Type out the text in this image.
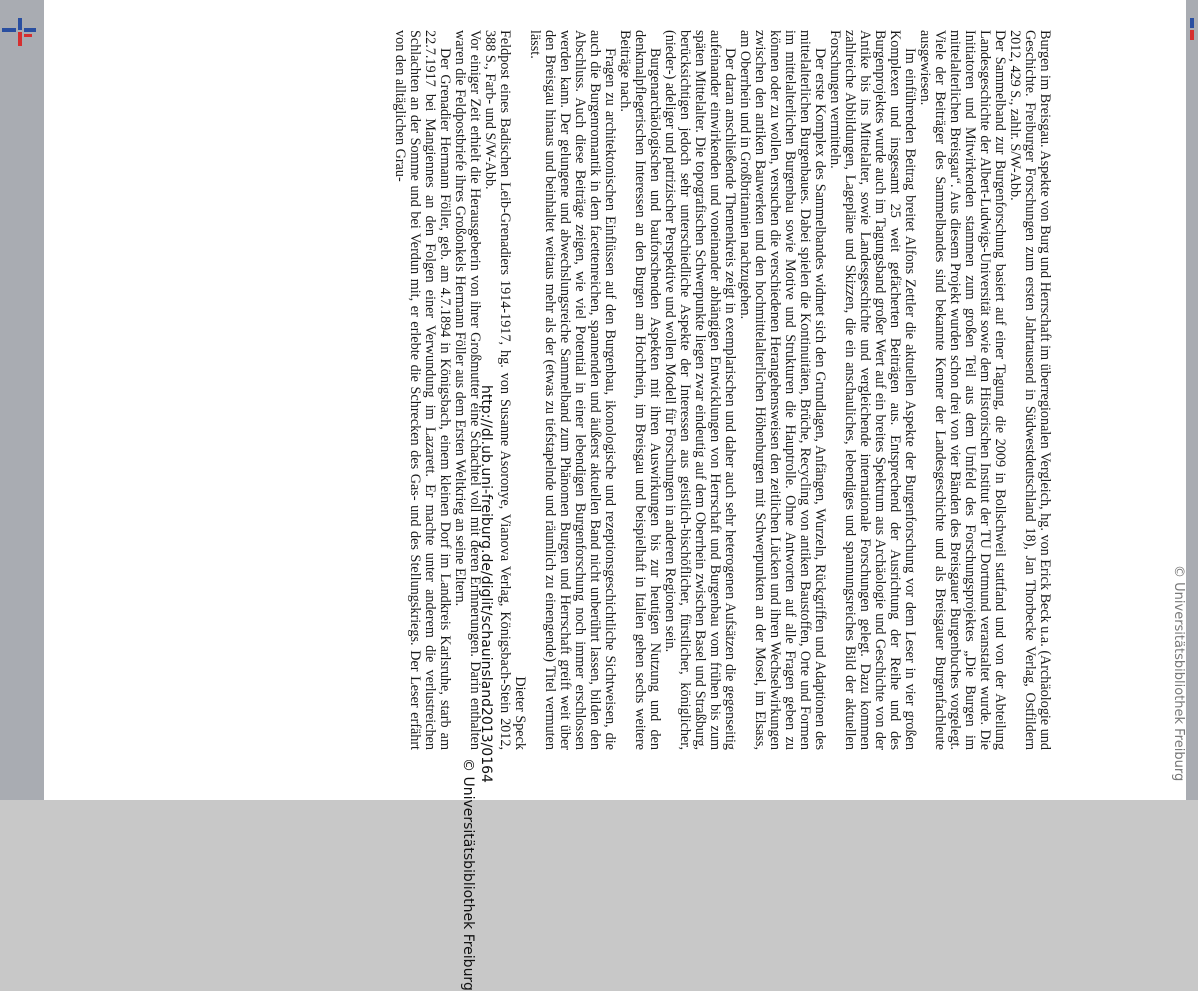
Burgen im Breisgau. Aspekte von Burg und Herrschaft im überregionalen Vergleich, hg. von Erick Beck u.a. (Archäologie und Geschichte. Freiburger Forschungen zum ersten Jahrtausend in Südwestdeutschland 18), Jan Thorbecke Verlag, Ostfildern 2012, 429 S., zahlr. S/W-Abb.

Der Sammelband zur Burgenforschung basiert auf einer Tagung, die 2009 in Bollschweil stattfand und von der Abteilung Landesgeschichte der Albert-Ludwigs-Universität sowie dem Historischen Institut der TU Dortmund veranstaltet wurde. Die Initiatoren und Mitwirkenden stammen zum großen Teil aus dem Umfeld des Forschungsprojektes „Die Burgen im mittelalterlichen Breisgau“. Aus diesem Projekt wurden schon drei von vier Bänden des Breisgauer Burgenbuches vorgelegt. Viele der Beiträger des Sammelbandes sind bekannte Kenner der Landesgeschichte und als Breisgauer Burgenfachleute ausgewiesen.

Im einführenden Beitrag breitet Alfons Zettler die aktuellen Aspekte der Burgenforschung vor dem Leser in vier großen Komplexen und insgesamt 25 weit gefächerten Beiträgen aus. Entsprechend der Ausrichtung der Reihe und des Burgenprojektes wurde auch im Tagungsband großer Wert auf ein breites Spektrum aus Archäologie und Geschichte von der Antike bis ins Mittelalter, sowie Landesgeschichte und vergleichende internationale Forschungen gelegt. Dazu kommen zahlreiche Abbildungen, Lagepläne und Skizzen, die ein anschauliches, lebendiges und spannungsreiches Bild der aktuellen Forschungen vermitteln.

Der erste Komplex des Sammelbandes widmet sich den Grundlagen, Anfängen, Wurzeln, Rückgriffen und Adaptionen des mittelalterlichen Burgenbaues. Dabei spielen die Kontinuitäten, Brüche, Recycling von antiken Baustoffen, Orte und Formen im mittelalterlichen Burgenbau sowie Motive und Strukturen die Hauptrolle. Ohne Antworten auf alle Fragen geben zu können oder zu wollen, versuchen die verschiedenen Herangehensweisen den zeitlichen Lücken und ihren Wechselwirkungen zwischen den antiken Bauwerken und den hochmittelalterlichen Höhenburgen mit Schwerpunkten an der Mosel, im Elsass, am Oberrhein und in Großbritannien nachzugehen.

Der daran anschließende Themenkreis zeigt in exemplarischen und daher auch sehr heterogenen Aufsätzen die gegenseitig aufeinander einwirkenden und voneinander abhängigen Entwicklungen von Herrschaft und Burgenbau vom frühen bis zum späten Mittelalter. Die topografischen Schwerpunkte liegen zwar eindeutig auf dem Oberrhein zwischen Basel und Straßburg, berücksichtigen jedoch sehr unterschiedliche Aspekte der Interessen aus geistlich-bischöflicher, fürstlicher, königlicher, (nieder-) adeliger und patrizischer Perspektive und wollen Modell für Forschungen in anderen Regionen sein.

Burgenarchäologischen und bauforschenden Aspekten mit ihren Auswirkungen bis zur heutigen Nutzung und den denkmalpflegerischen Interessen an den Burgen am Hochrhein, im Breisgau und beispielhaft in Italien gehen sechs weitere Beiträge nach.

Fragen zu architektonischen Einflüssen auf den Burgenbau, ikonologische und rezeptionsgeschichtliche Sichtweisen, die auch die Burgenromantik in dem facettenreichen, spannenden und äußerst aktuellen Band nicht unberührt lassen, bilden den Abschluss. Auch diese Beiträge zeigen, wie viel Potential in einer lebendigen Burgenforschung noch immer erschlossen werden kann. Der gelungene und abwechslungsreiche Sammelband zum Phänomen Burgen und Herrschaft greift weit über den Breisgau hinaus und beinhaltet weitaus mehr als der (etwas zu tiefstapelnde und räumlich zu einengende) Titel vermuten lässt.

Dieter Speck

Feldpost eines Badischen Leib-Grenadiers 1914-1917, hg. von Susanne Asoronye, Vianova Verlag, Königsbach-Stein 2012, 388 S., Farb- und S/W-Abb.

Vor einiger Zeit erhielt die Herausgeberin von ihrer Großmutter eine Schachtel voll mit deren Erinnerungen. Darin enthalten waren die Feldpostbriefe ihres Großonkels Hermann Föller aus dem Ersten Weltkrieg an seine Eltern.

Der Grenadier Hermann Föller, geb. am 4.7.1894 in Königsbach, einem kleinen Dorf im Landkreis Karlsruhe, starb am 22.7.1917 bei Mangiennes an den Folgen einer Verwundung im Lazarett. Er machte unter anderem die verlustreichen Schlachten an der Somme und bei Verdun mit, er erlebte die Schrecken des Gas- und des Stellungskriegs. Der Leser erfährt von den alltäglichen Grau-

http://dl.ub.uni-freiburg.de/diglit/schauinsland2013/0164
© Universitätsbibliothek Freiburg
© Universitätsbibliothek Freiburg
